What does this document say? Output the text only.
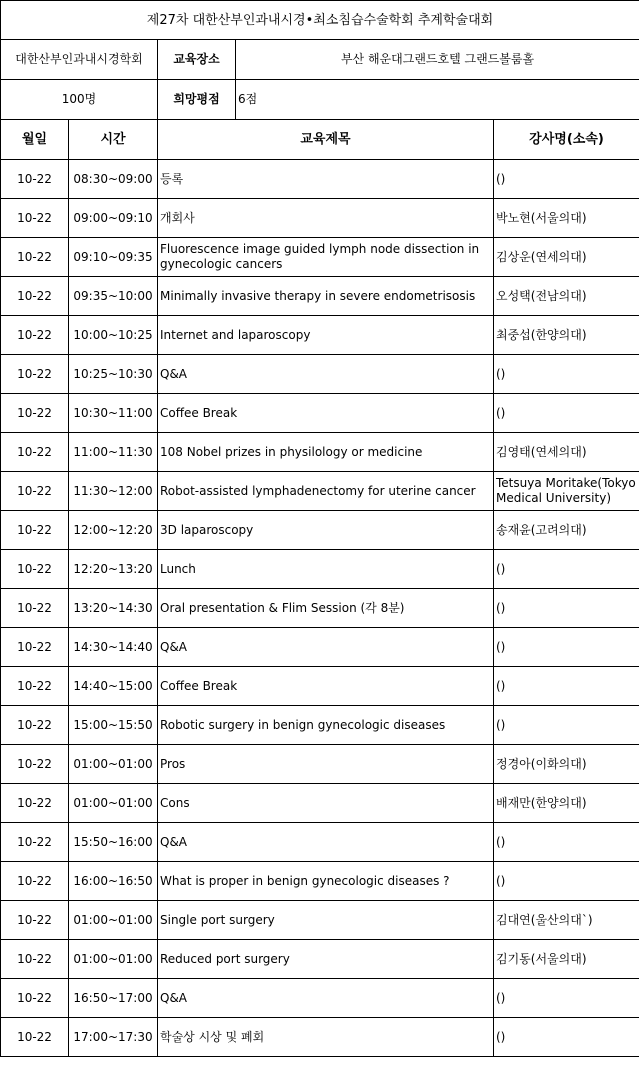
제27차 대한산부인과내시경•최소침습수술학회 추계학술대회				
대한산부인과내시경학회		교육장소	부산 해운대그랜드호텔 그랜드볼룸홀	
100명		희망평점	6점	
월일	시간	교육제목		강사명(소속)
10-22	08:30~09:00	등록		()
10-22	09:00~09:10	개회사		박노현(서울의대)
10-22	09:10~09:35	Fluorescence image guided lymph node dissection in gynecologic cancers		김상운(연세의대)
10-22	09:35~10:00	Minimally invasive therapy in severe endometrisosis		오성택(전남의대)
10-22	10:00~10:25	Internet and laparoscopy		최중섭(한양의대)
10-22	10:25~10:30	Q&A		()
10-22	10:30~11:00	Coffee Break		()
10-22	11:00~11:30	108 Nobel prizes in physilology or medicine		김영태(연세의대)
10-22	11:30~12:00	Robot-assisted lymphadenectomy for uterine cancer		Tetsuya Moritake(Tokyo Medical University)
10-22	12:00~12:20	3D laparoscopy		송재윤(고려의대)
10-22	12:20~13:20	Lunch		()
10-22	13:20~14:30	Oral presentation & Flim Session (각 8분)		()
10-22	14:30~14:40	Q&A		()
10-22	14:40~15:00	Coffee Break		()
10-22	15:00~15:50	Robotic surgery in benign gynecologic diseases		()
10-22	01:00~01:00	Pros		정경아(이화의대)
10-22	01:00~01:00	Cons		배재만(한양의대)
10-22	15:50~16:00	Q&A		()
10-22	16:00~16:50	What is proper in benign gynecologic diseases ?		()
10-22	01:00~01:00	Single port surgery		김대연(울산의대`)
10-22	01:00~01:00	Reduced port surgery		김기동(서울의대)
10-22	16:50~17:00	Q&A		()
10-22	17:00~17:30	학술상 시상 및 폐회		()
